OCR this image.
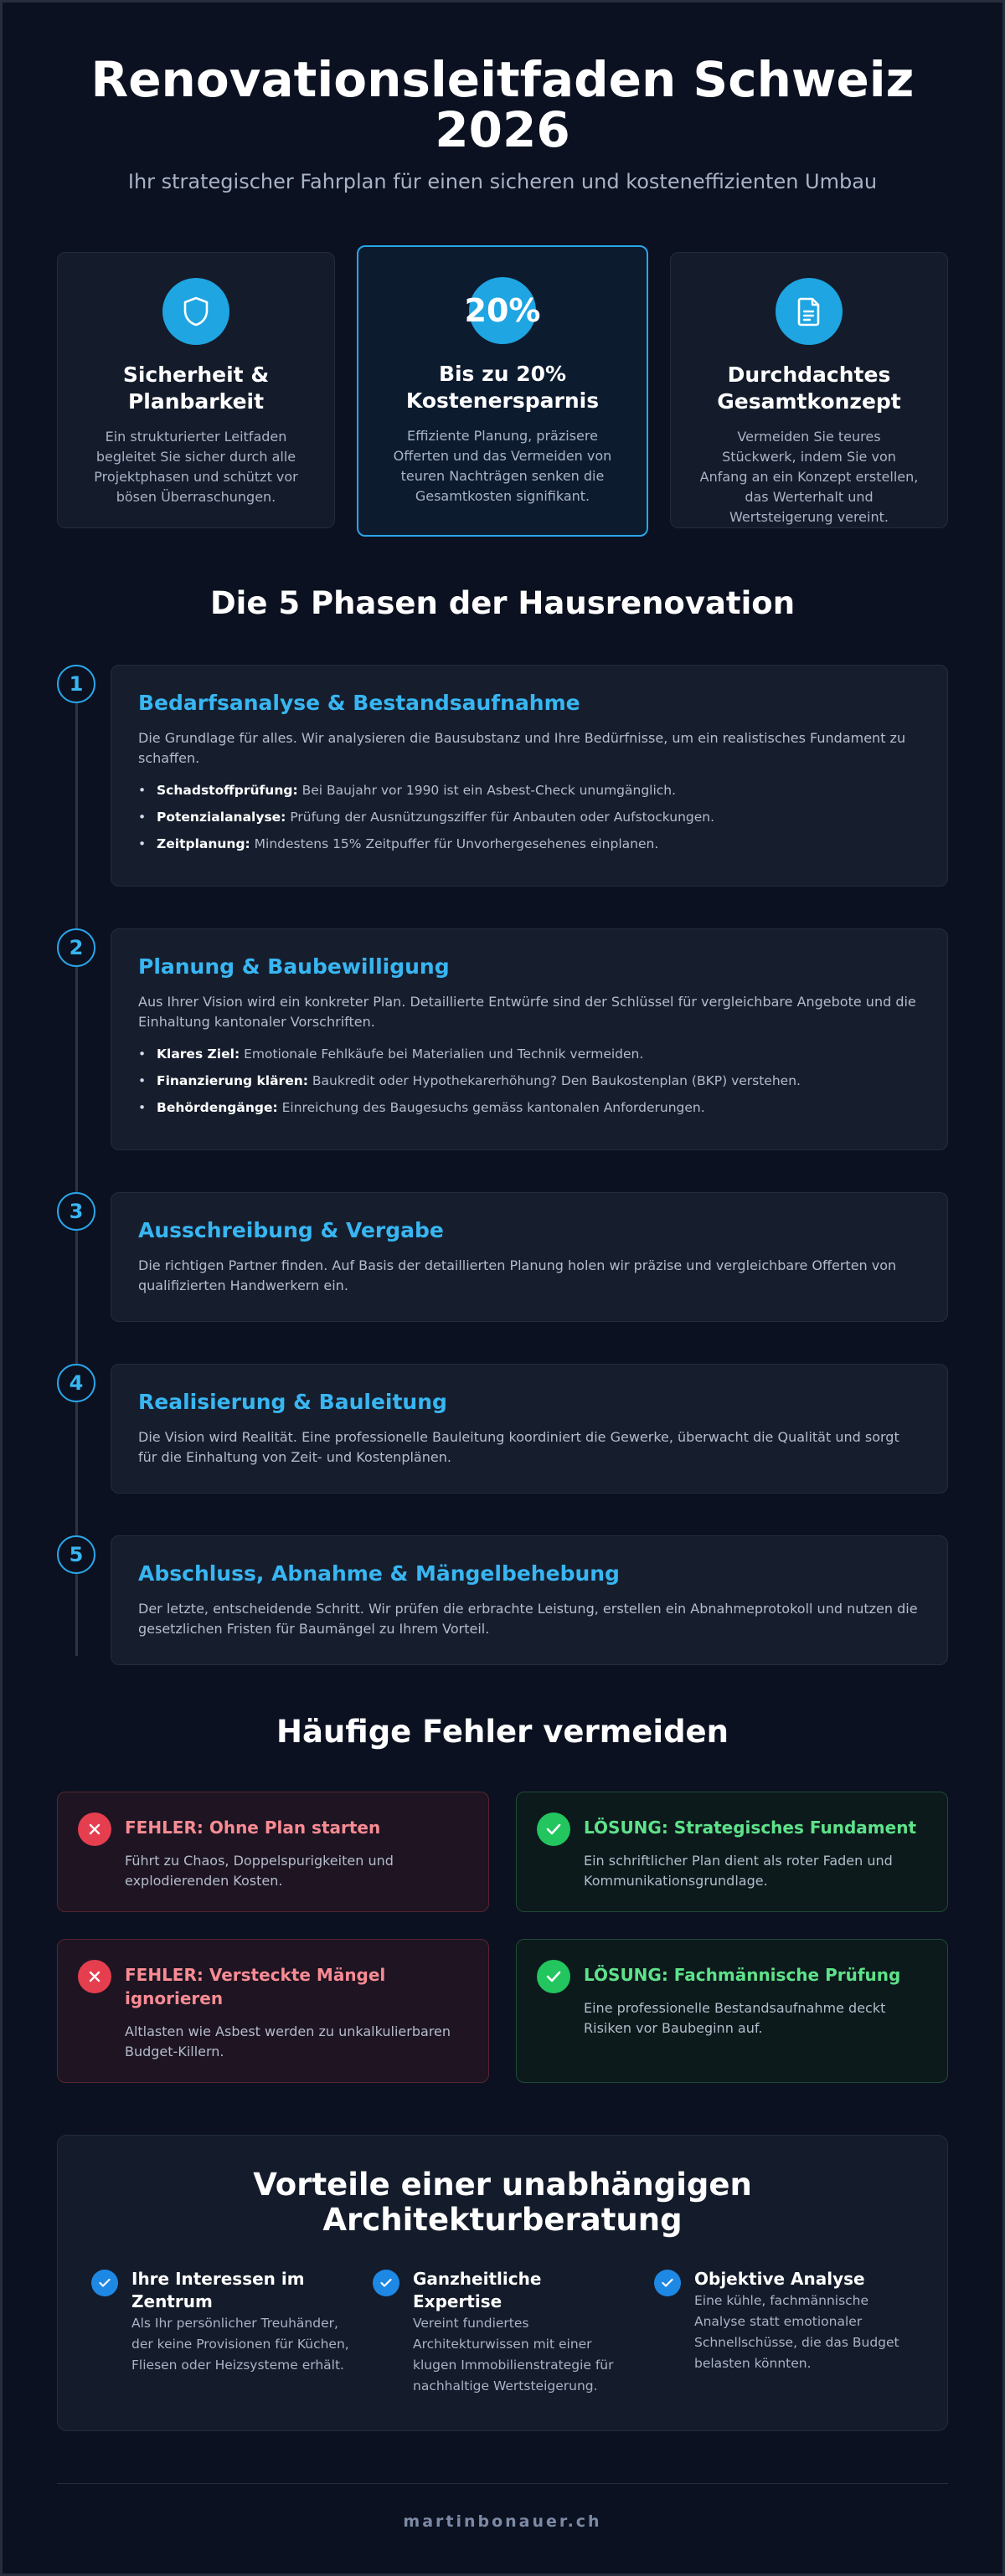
Renovationsleitfaden Schweiz 2026

Ihr strategischer Fahrplan für einen sicheren und kosteneffizienten Umbau

Sicherheit & Planbarkeit

Ein strukturierter Leitfaden begleitet Sie sicher durch alle Projektphasen und schützt vor bösen Überraschungen.

20%
Bis zu 20% Kostenersparnis

Effiziente Planung, präzisere Offerten und das Vermeiden von teuren Nachträgen senken die Gesamtkosten signifikant.

Durchdachtes Gesamtkonzept

Vermeiden Sie teures Stückwerk, indem Sie von Anfang an ein Konzept erstellen, das Werterhalt und Wertsteigerung vereint.

Die 5 Phasen der Hausrenovation
1
Bedarfsanalyse & Bestandsaufnahme

Die Grundlage für alles. Wir analysieren die Bausubstanz und Ihre Bedürfnisse, um ein realistisches Fundament zu schaffen.

• Schadstoffprüfung: Bei Baujahr vor 1990 ist ein Asbest-Check unumgänglich.
• Potenzialanalyse: Prüfung der Ausnützungsziffer für Anbauten oder Aufstockungen.
• Zeitplanung: Mindestens 15% Zeitpuffer für Unvorhergesehenes einplanen.
2
Planung & Baubewilligung

Aus Ihrer Vision wird ein konkreter Plan. Detaillierte Entwürfe sind der Schlüssel für vergleichbare Angebote und die Einhaltung kantonaler Vorschriften.

• Klares Ziel: Emotionale Fehlkäufe bei Materialien und Technik vermeiden.
• Finanzierung klären: Baukredit oder Hypothekarerhöhung? Den Baukostenplan (BKP) verstehen.
• Behördengänge: Einreichung des Baugesuchs gemäss kantonalen Anforderungen.
3
Ausschreibung & Vergabe

Die richtigen Partner finden. Auf Basis der detaillierten Planung holen wir präzise und vergleichbare Offerten von qualifizierten Handwerkern ein.

4
Realisierung & Bauleitung

Die Vision wird Realität. Eine professionelle Bauleitung koordiniert die Gewerke, überwacht die Qualität und sorgt für die Einhaltung von Zeit- und Kostenplänen.

5
Abschluss, Abnahme & Mängelbehebung

Der letzte, entscheidende Schritt. Wir prüfen die erbrachte Leistung, erstellen ein Abnahmeprotokoll und nutzen die gesetzlichen Fristen für Baumängel zu Ihrem Vorteil.

Häufige Fehler vermeiden
FEHLER: Ohne Plan starten

Führt zu Chaos, Doppelspurigkeiten und explodierenden Kosten.

LÖSUNG: Strategisches Fundament

Ein schriftlicher Plan dient als roter Faden und Kommunikationsgrundlage.

FEHLER: Versteckte Mängel ignorieren

Altlasten wie Asbest werden zu unkalkulierbaren Budget-Killern.

LÖSUNG: Fachmännische Prüfung

Eine professionelle Bestandsaufnahme deckt Risiken vor Baubeginn auf.

Vorteile einer unabhängigen Architekturberatung
Ihre Interessen im Zentrum

Als Ihr persönlicher Treuhänder, der keine Provisionen für Küchen, Fliesen oder Heizsysteme erhält.

Ganzheitliche Expertise

Vereint fundiertes Architekturwissen mit einer klugen Immobilienstrategie für nachhaltige Wertsteigerung.

Objektive Analyse

Eine kühle, fachmännische Analyse statt emotionaler Schnellschüsse, die das Budget belasten könnten.

martinbonauer.ch
